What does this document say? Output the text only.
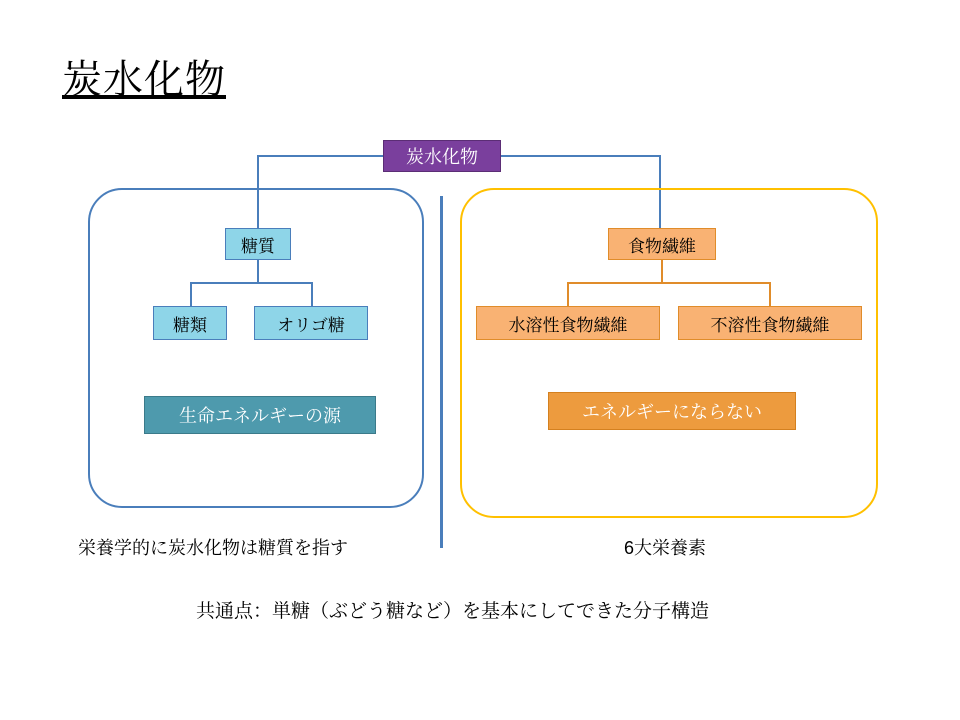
炭水化物
炭水化物
糖質
糖類	オリゴ糖
生命エネルギーの源
食物繊維
水溶性食物繊維	不溶性食物繊維
エネルギーにならない
栄養学的に炭水化物は糖質を指す	6大栄養素
共通点：単糖（ぶどう糖など）を基本にしてできた分子構造
